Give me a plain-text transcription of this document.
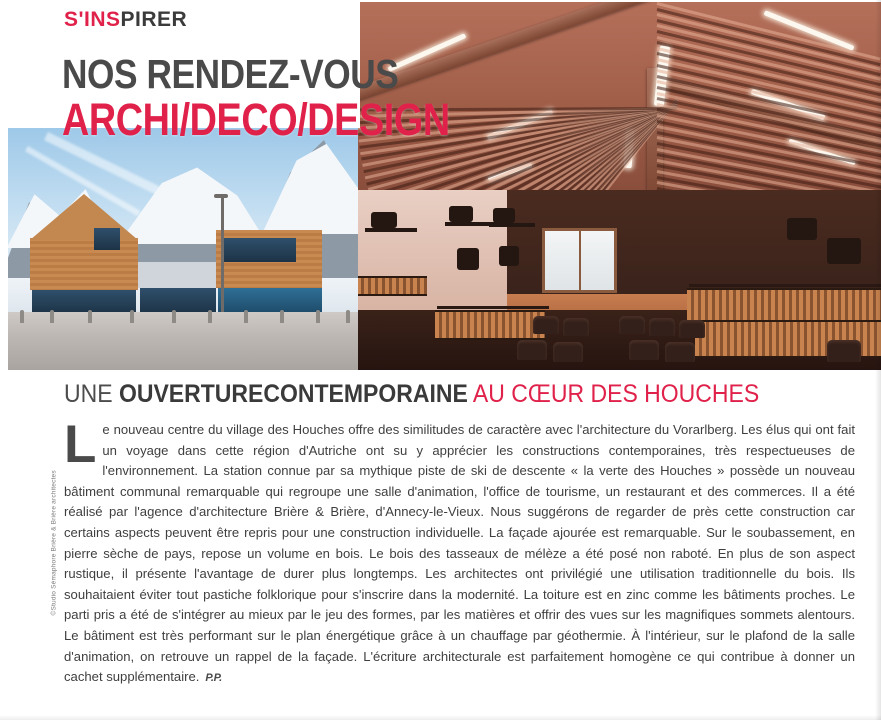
S'INSPIRER
NOS RENDEZ-VOUS
ARCHI/DECO/DESIGN
UNE OUVERTURECONTEMPORAINE AU CŒUR DES HOUCHES
©Studio Sémaphore Brière & Brière architectes
Le nouveau centre du village des Houches offre des similitudes de caractère avec l'architecture du Vorarlberg. Les élus qui ont fait un voyage dans cette région d'Autriche ont su y apprécier les constructions contemporaines, très respectueuses de l'environnement. La station connue par sa mythique piste de ski de descente « la verte des Houches » possède un nouveau bâtiment communal remarquable qui regroupe une salle d'animation, l'office de tourisme, un restaurant et des commerces. Il a été réalisé par l'agence d'architecture Brière & Brière, d'Annecy-le-Vieux. Nous suggérons de regarder de près cette construction car certains aspects peuvent être repris pour une construction individuelle. La façade ajourée est remarquable. Sur le soubassement, en pierre sèche de pays, repose un volume en bois. Le bois des tasseaux de mélèze a été posé non raboté. En plus de son aspect rustique, il présente l'avantage de durer plus longtemps. Les architectes ont privilégié une utilisation traditionnelle du bois. Ils souhaitaient éviter tout pastiche folklorique pour s'inscrire dans la modernité. La toiture est en zinc comme les bâtiments proches. Le parti pris a été de s'intégrer au mieux par le jeu des formes, par les matières et offrir des vues sur les magnifiques sommets alentours. Le bâtiment est très performant sur le plan énergétique grâce à un chauffage par géothermie. À l'intérieur, sur le plafond de la salle d'animation, on retrouve un rappel de la façade. L'écriture architecturale est parfaitement homogène ce qui contribue à donner un cachet supplémentaire. P.P.
